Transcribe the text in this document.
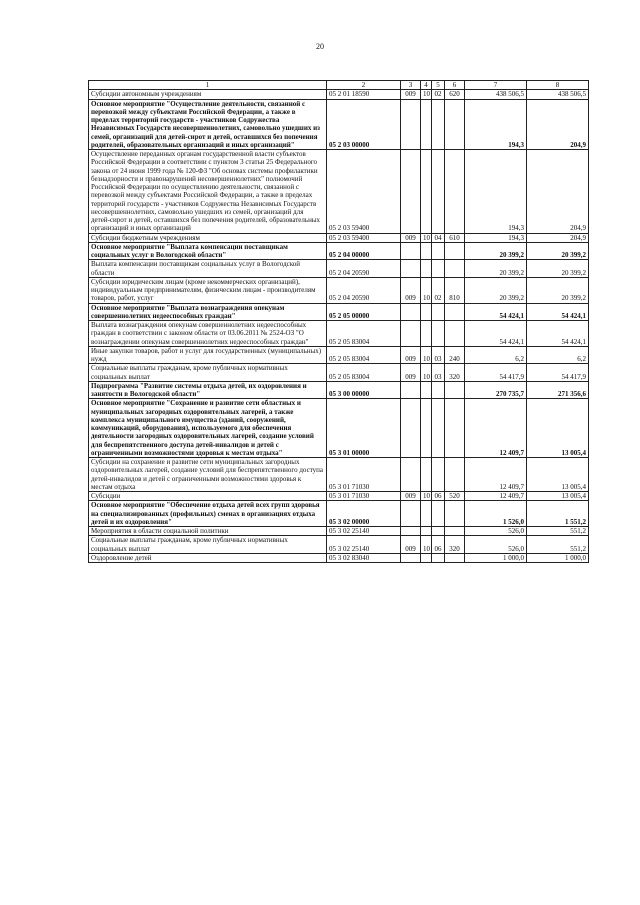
20
1	2	3	4	5	6	7	8
Субсидии автономным учреждениям	05 2 01 18590	009	10	02	620	438 506,5	438 506,5
Основное мероприятие "Осуществление деятельности, связанной с перевозкой между субъектами Российской Федерации, а также в пределах территорий государств - участников Содружества Независимых Государств несовершеннолетних, самовольно ушедших из семей, организаций для детей-сирот и детей, оставшихся без попечения родителей, образовательных организаций и иных организаций"	05 2 03 00000					194,3	204,9
Осуществление переданных органам государственной власти субъектов Российской Федерации в соответствии с пунктом 3 статьи 25 Федерального закона от 24 июня 1999 года № 120-ФЗ "Об основах системы профилактики безнадзорности и правонарушений несовершеннолетних" полномочий Российской Федерации по осуществлению деятельности, связанной с перевозкой между субъектами Российской Федерации, а также в пределах территорий государств - участников Содружества Независимых Государств несовершеннолетних, самовольно ушедших из семей, организаций для детей-сирот и детей, оставшихся без попечения родителей, образовательных организаций и иных организаций	05 2 03 59400					194,3	204,9
Субсидии бюджетным учреждениям	05 2 03 59400	009	10	04	610	194,3	204,9
Основное мероприятие "Выплата компенсации поставщикам социальных услуг в Вологодской области"	05 2 04 00000					20 399,2	20 399,2
Выплата компенсации поставщикам социальных услуг в Вологодской области	05 2 04 20590					20 399,2	20 399,2
Субсидии юридическим лицам (кроме некоммерческих организаций), индивидуальным предпринимателям, физическим лицам - производителям товаров, работ, услуг	05 2 04 20590	009	10	02	810	20 399,2	20 399,2
Основное мероприятие "Выплата вознаграждения опекунам совершеннолетних недееспособных граждан"	05 2 05 00000					54 424,1	54 424,1
Выплата вознаграждения опекунам совершеннолетних недееспособных граждан в соответствии с законом области от 03.06.2011 № 2524-ОЗ "О вознаграждении опекунам совершеннолетних недееспособных граждан"	05 2 05 83004					54 424,1	54 424,1
Иные закупки товаров, работ и услуг для государственных (муниципальных) нужд	05 2 05 83004	009	10	03	240	6,2	6,2
Социальные выплаты гражданам, кроме публичных нормативных социальных выплат	05 2 05 83004	009	10	03	320	54 417,9	54 417,9
Подпрограмма "Развитие системы отдыха детей, их оздоровления и занятости в Вологодской области"	05 3 00 00000					270 735,7	271 356,6
Основное мероприятие "Сохранение и развитие сети областных и муниципальных загородных оздоровительных лагерей, а также комплекса муниципального имущества (зданий, сооружений, коммуникаций, оборудования), используемого для обеспечения деятельности загородных оздоровительных лагерей, создание условий для беспрепятственного доступа детей-инвалидов и детей с ограниченными возможностями здоровья к местам отдыха"	05 3 01 00000					12 409,7	13 005,4
Субсидии на сохранение и развитие сети муниципальных загородных оздоровительных лагерей, создание условий для беспрепятственного доступа детей-инвалидов и детей с ограниченными возможностями здоровья к местам отдыха	05 3 01 71030					12 409,7	13 005,4
Субсидии	05 3 01 71030	009	10	06	520	12 409,7	13 005,4
Основное мероприятие "Обеспечение отдыха детей всех групп здоровья на специализированных (профильных) сменах в организациях отдыха детей и их оздоровления"	05 3 02 00000					1 526,0	1 551,2
Мероприятия в области социальной политики	05 3 02 25140					526,0	551,2
Социальные выплаты гражданам, кроме публичных нормативных социальных выплат	05 3 02 25140	009	10	06	320	526,0	551,2
Оздоровление детей	05 3 02 83040					1 000,0	1 000,0
